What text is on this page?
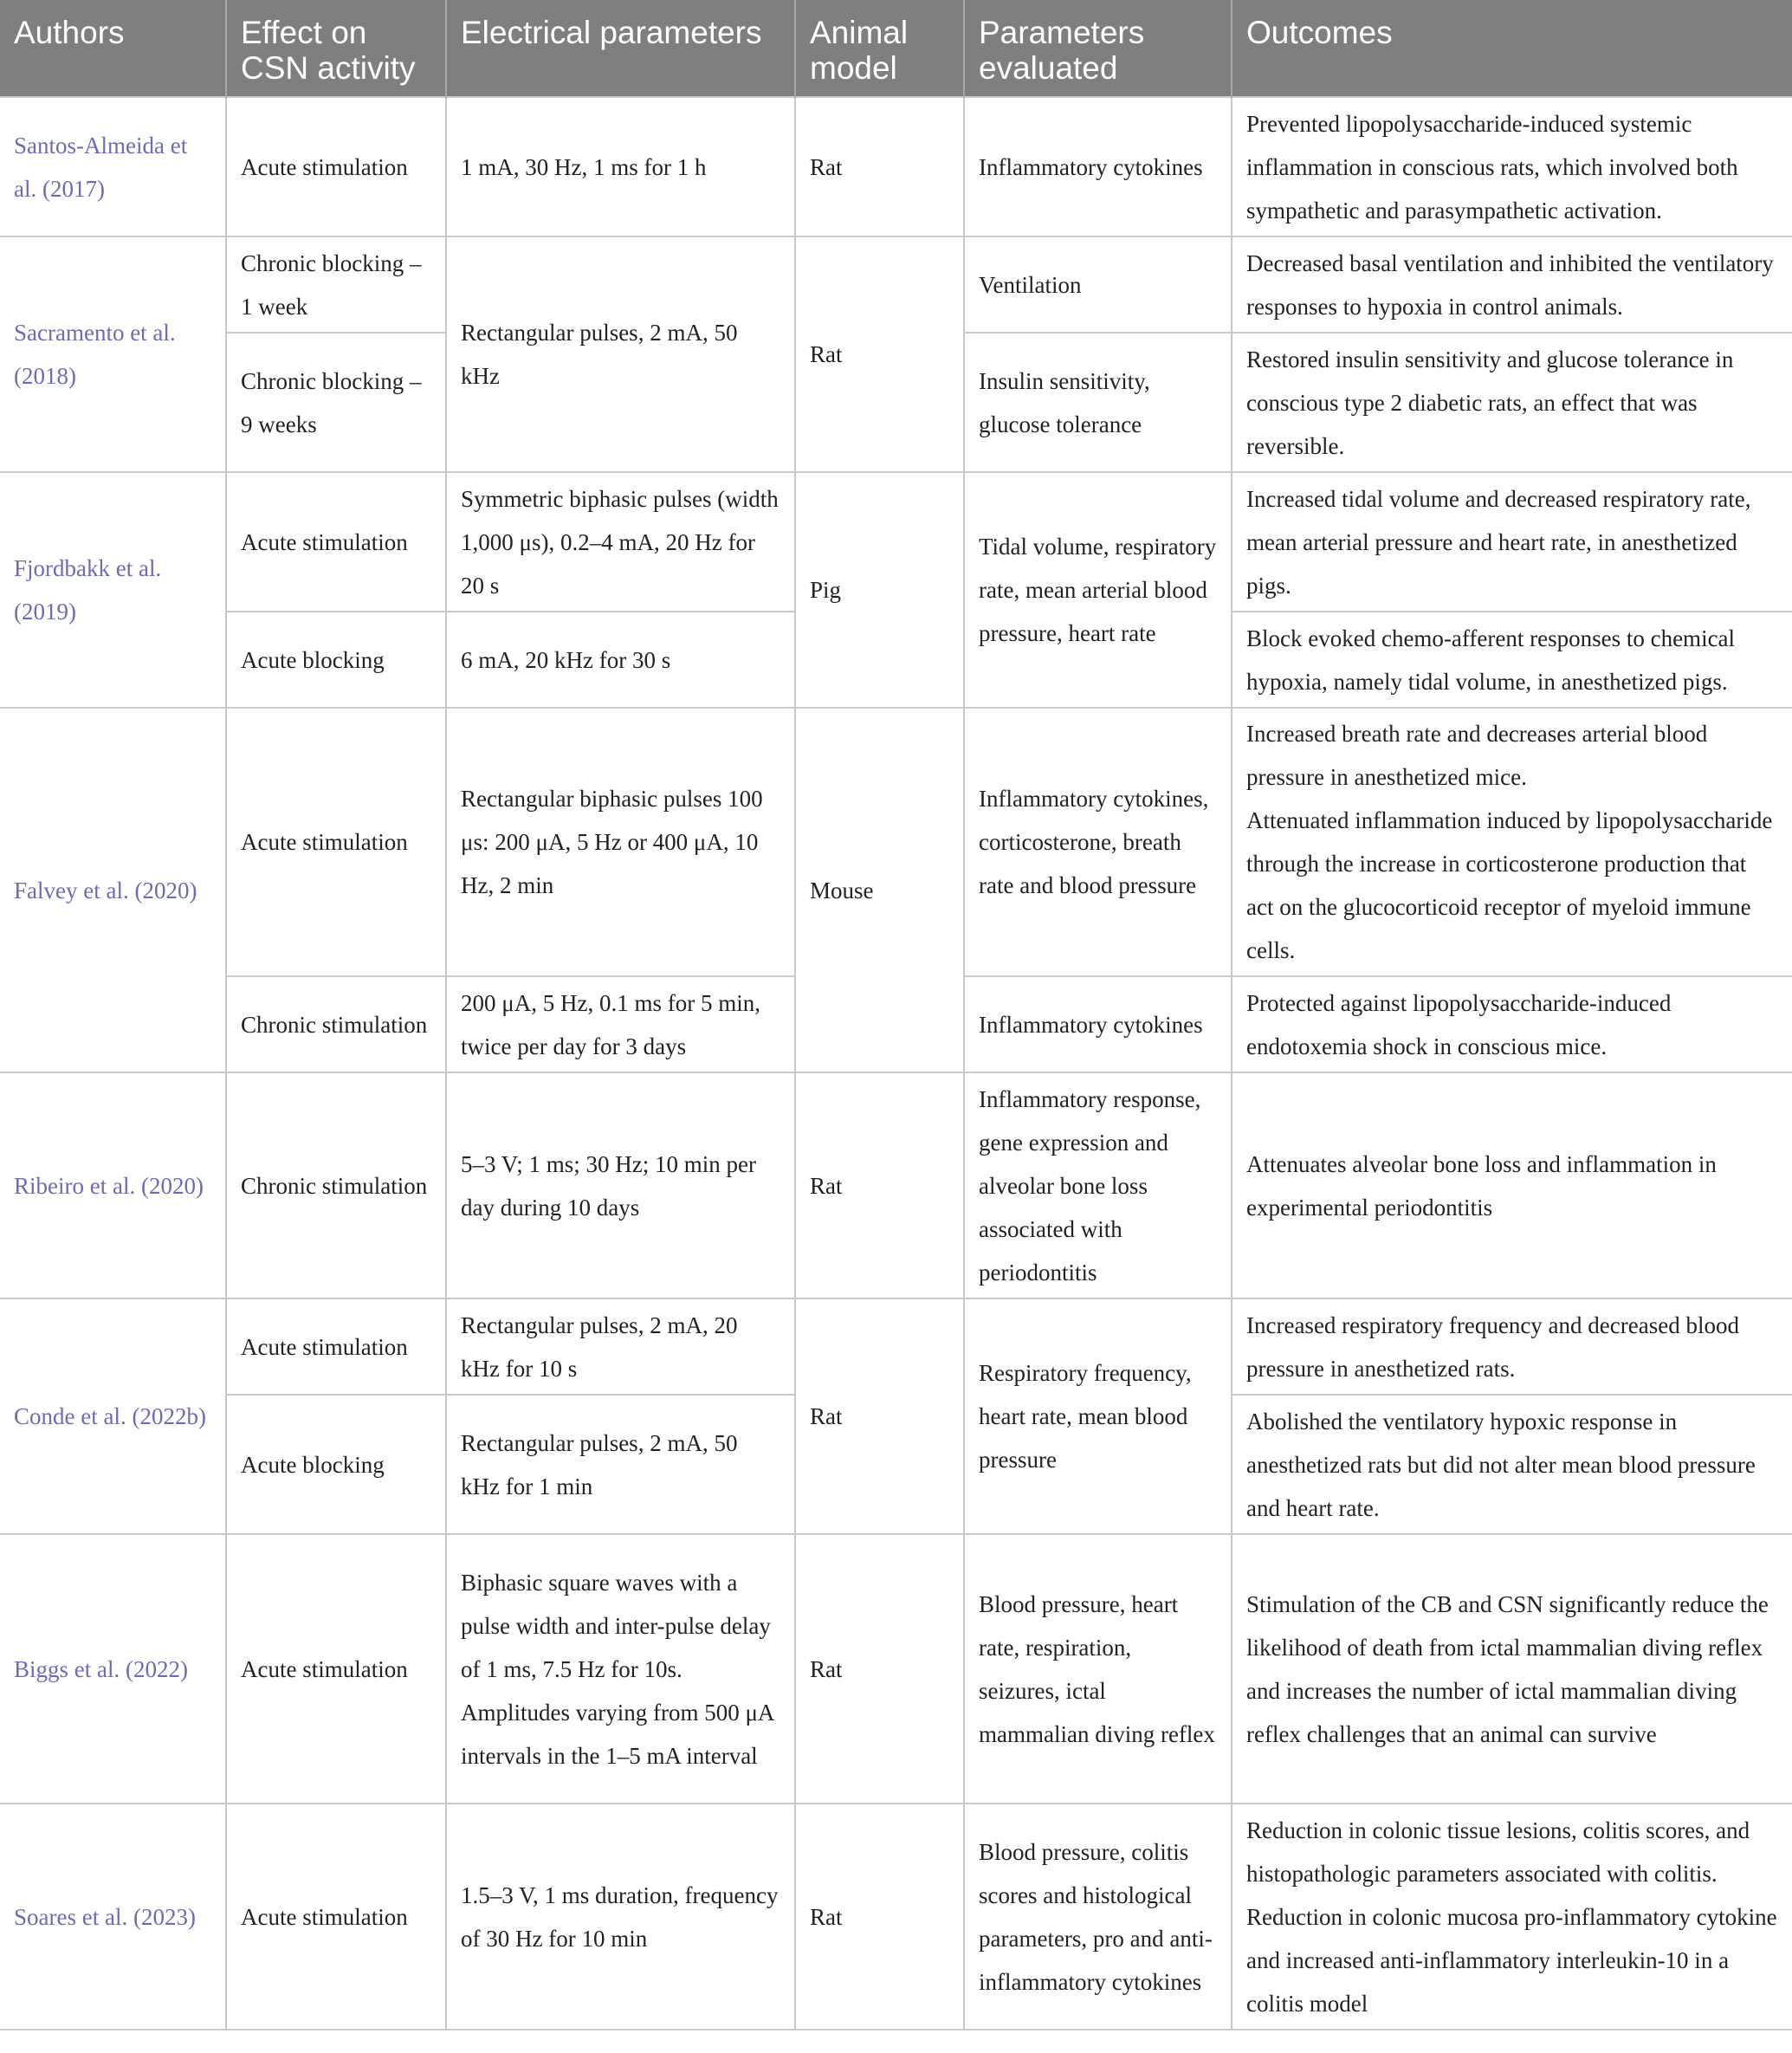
Authors	Effect on CSN activity	Electrical parameters	Animal model	Parameters evaluated	Outcomes
Santos-Almeida et al. (2017)	Acute stimulation	1 mA, 30 Hz, 1 ms for 1 h	Rat	Inflammatory cytokines	Prevented lipopolysaccharide-induced systemic inflammation in conscious rats, which involved both sympathetic and parasympathetic activation.
Sacramento et al. (2018)	Chronic blocking – 1 week	Rectangular pulses, 2 mA, 50 kHz	Rat	Ventilation	Decreased basal ventilation and inhibited the ventilatory responses to hypoxia in control animals.
	Chronic blocking – 9 weeks			Insulin sensitivity, glucose tolerance	Restored insulin sensitivity and glucose tolerance in conscious type 2 diabetic rats, an effect that was reversible.
Fjordbakk et al. (2019)	Acute stimulation	Symmetric biphasic pulses (width 1,000 μs), 0.2–4 mA, 20 Hz for 20 s	Pig	Tidal volume, respiratory rate, mean arterial blood pressure, heart rate	Increased tidal volume and decreased respiratory rate, mean arterial pressure and heart rate, in anesthetized pigs.
	Acute blocking	6 mA, 20 kHz for 30 s			Block evoked chemo-afferent responses to chemical hypoxia, namely tidal volume, in anesthetized pigs.
Falvey et al. (2020)	Acute stimulation	Rectangular biphasic pulses 100 μs: 200 μA, 5 Hz or 400 μA, 10 Hz, 2 min	Mouse	Inflammatory cytokines, corticosterone, breath rate and blood pressure	Increased breath rate and decreases arterial blood pressure in anesthetized mice.
Attenuated inflammation induced by lipopolysaccharide through the increase in corticosterone production that act on the glucocorticoid receptor of myeloid immune cells.

	Chronic stimulation	200 μA, 5 Hz, 0.1 ms for 5 min, twice per day for 3 days		Inflammatory cytokines	Protected against lipopolysaccharide-induced endotoxemia shock in conscious mice.
Ribeiro et al. (2020)	Chronic stimulation	5–3 V; 1 ms; 30 Hz; 10 min per day during 10 days	Rat	Inflammatory response, gene expression and alveolar bone loss associated with periodontitis	Attenuates alveolar bone loss and inflammation in experimental periodontitis
Conde et al. (2022b)	Acute stimulation	Rectangular pulses, 2 mA, 20 kHz for 10 s	Rat	Respiratory frequency, heart rate, mean blood pressure	Increased respiratory frequency and decreased blood pressure in anesthetized rats.
	Acute blocking	Rectangular pulses, 2 mA, 50 kHz for 1 min			Abolished the ventilatory hypoxic response in anesthetized rats but did not alter mean blood pressure and heart rate.
Biggs et al. (2022)	Acute stimulation	Biphasic square waves with a pulse width and inter-pulse delay of 1 ms, 7.5 Hz for 10s. Amplitudes varying from 500 μA intervals in the 1–5 mA interval	Rat	Blood pressure, heart rate, respiration, seizures, ictal mammalian diving reflex	Stimulation of the CB and CSN significantly reduce the likelihood of death from ictal mammalian diving reflex and increases the number of ictal mammalian diving reflex challenges that an animal can survive
Soares et al. (2023)	Acute stimulation	1.5–3 V, 1 ms duration, frequency of 30 Hz for 10 min	Rat	Blood pressure, colitis scores and histological parameters, pro and anti-inflammatory cytokines	Reduction in colonic tissue lesions, colitis scores, and histopathologic parameters associated with colitis. Reduction in colonic mucosa pro-inflammatory cytokine and increased anti-inflammatory interleukin-10 in a colitis model
